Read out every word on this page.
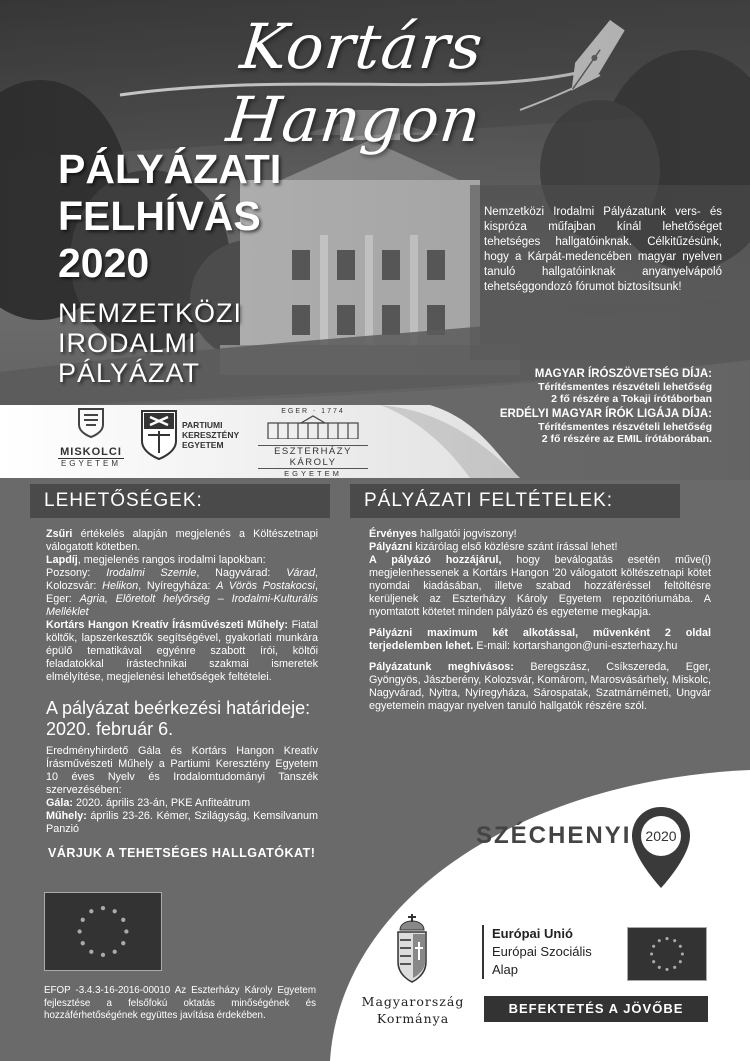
Kortárs Hangon
PÁLYÁZATI
FELHÍVÁS
2020
NEMZETKÖZI
IRODALMI
PÁLYÁZAT
Nemzetközi Irodalmi Pályázatunk vers- és kispróza műfajban kínál lehetőséget tehetséges hallgatóinknak. Célkitűzésünk, hogy a Kárpát-medencében magyar nyelven tanuló hallgatóinknak anyanyelvápoló tehetséggondozó fórumot biztosítsunk!
MAGYAR ÍRÓSZÖVETSÉG DÍJA:
Térítésmentes részvételi lehetőség
2 fő részére a Tokaji írótáborban
ERDÉLYI MAGYAR ÍRÓK LIGÁJA DÍJA:
Térítésmentes részvételi lehetőség
2 fő részére az EMIL írótáborában.
MISKOLCI
EGYETEM
PARTIUMI
KERESZTÉNY
EGYETEM
EGER ⋅ 1774
ESZTERHÁZY KÁROLY
EGYETEM
LEHETŐSÉGEK:	PÁLYÁZATI FELTÉTELEK:

Zsűri értékelés alapján megjelenés a Költészetnapi válogatott kötetben.

Lapdíj, megjelenés rangos irodalmi lapokban:

Pozsony: Irodalmi Szemle, Nagyvárad: Várad, Kolozsvár: Helikon, Nyíregyháza: A Vörös Postakocsi, Eger: Agria, Előretolt helyőrség – Irodalmi-Kulturális Melléklet

Kortárs Hangon Kreatív Írásművészeti Műhely: Fiatal költők, lapszerkesztők segítségével, gyakorlati munkára épülő tematikával egyénre szabott írói, költői feladatokkal írástechnikai szakmai ismeretek elmélyítése, megjelenési lehetőségek feltételei.

A pályázat beérkezési határideje:
2020. február 6.

Eredményhirdető Gála és Kortárs Hangon Kreatív Írásművészeti Műhely a Partiumi Keresztény Egyetem 10 éves Nyelv és Irodalomtudományi Tanszék szervezésében:

Gála: 2020. április 23-án, PKE Anfiteátrum

Műhely: április 23-26. Kémer, Szilágyság, Kemsilvanum Panzió

VÁRJUK A TEHETSÉGES HALLGATÓKAT!

Érvényes hallgatói jogviszony!

Pályázni kizárólag első közlésre szánt írással lehet!

A pályázó hozzájárul, hogy beválogatás esetén műve(i) megjelenhessenek a Kortárs Hangon '20 válogatott költészetnapi kötet nyomdai kiadásában, illetve szabad hozzáféréssel feltöltésre kerüljenek az Eszterházy Károly Egyetem repozitóriumába. A nyomtatott kötetet minden pályázó és egyeteme megkapja.

Pályázni maximum két alkotással, művenként 2 oldal terjedelemben lehet. E-mail: kortarshangon@uni-eszterhazy.hu

Pályázatunk meghívásos: Beregszász, Csíkszereda, Eger, Gyöngyös, Jászberény, Kolozsvár, Komárom, Marosvásárhely, Miskolc, Nagyvárad, Nyitra, Nyíregyháza, Sárospatak, Szatmárnémeti, Ungvár egyetemein magyar nyelven tanuló hallgatók részére szól.

EFOP -3.4.3-16-2016-00010 Az Eszterházy Károly Egyetem fejlesztése a felsőfokú oktatás minőségének és hozzáférhetőségének együttes javítása érdekében.
SZÉCHENYI 2020
Magyarország
Kormánya
Európai Unió
Európai Szociális
Alap
BEFEKTETÉS A JÖVŐBE
